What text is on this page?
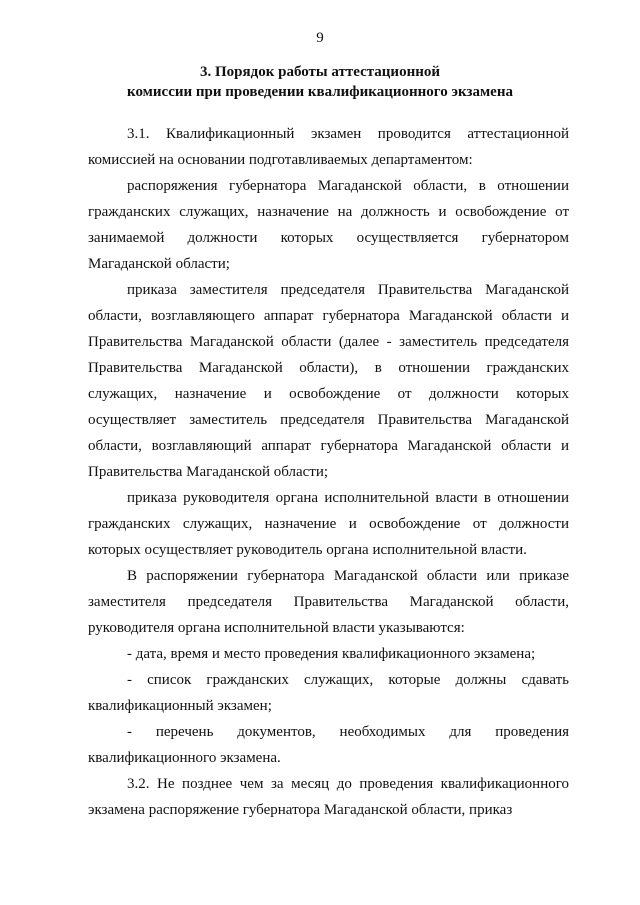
9
3. Порядок работы аттестационной
комиссии при проведении квалификационного экзамена

3.1. Квалификационный экзамен проводится аттестационной комиссией на основании подготавливаемых департаментом:

распоряжения губернатора Магаданской области, в отношении гражданских служащих, назначение на должность и освобождение от занимаемой должности которых осуществляется губернатором Магаданской области;

приказа заместителя председателя Правительства Магаданской области, возглавляющего аппарат губернатора Магаданской области и Правительства Магаданской области (далее - заместитель председателя Правительства Магаданской области), в отношении гражданских служащих, назначение и освобождение от должности которых осуществляет заместитель председателя Правительства Магаданской области, возглавляющий аппарат губернатора Магаданской области и Правительства Магаданской области;

приказа руководителя органа исполнительной власти в отношении гражданских служащих, назначение и освобождение от должности которых осуществляет руководитель органа исполнительной власти.

В распоряжении губернатора Магаданской области или приказе заместителя председателя Правительства Магаданской области, руководителя органа исполнительной власти указываются:

- дата, время и место проведения квалификационного экзамена;

- список гражданских служащих, которые должны сдавать квалификационный экзамен;

- перечень документов, необходимых для проведения квалификационного экзамена.

3.2. Не позднее чем за месяц до проведения квалификационного экзамена распоряжение губернатора Магаданской области, приказ
